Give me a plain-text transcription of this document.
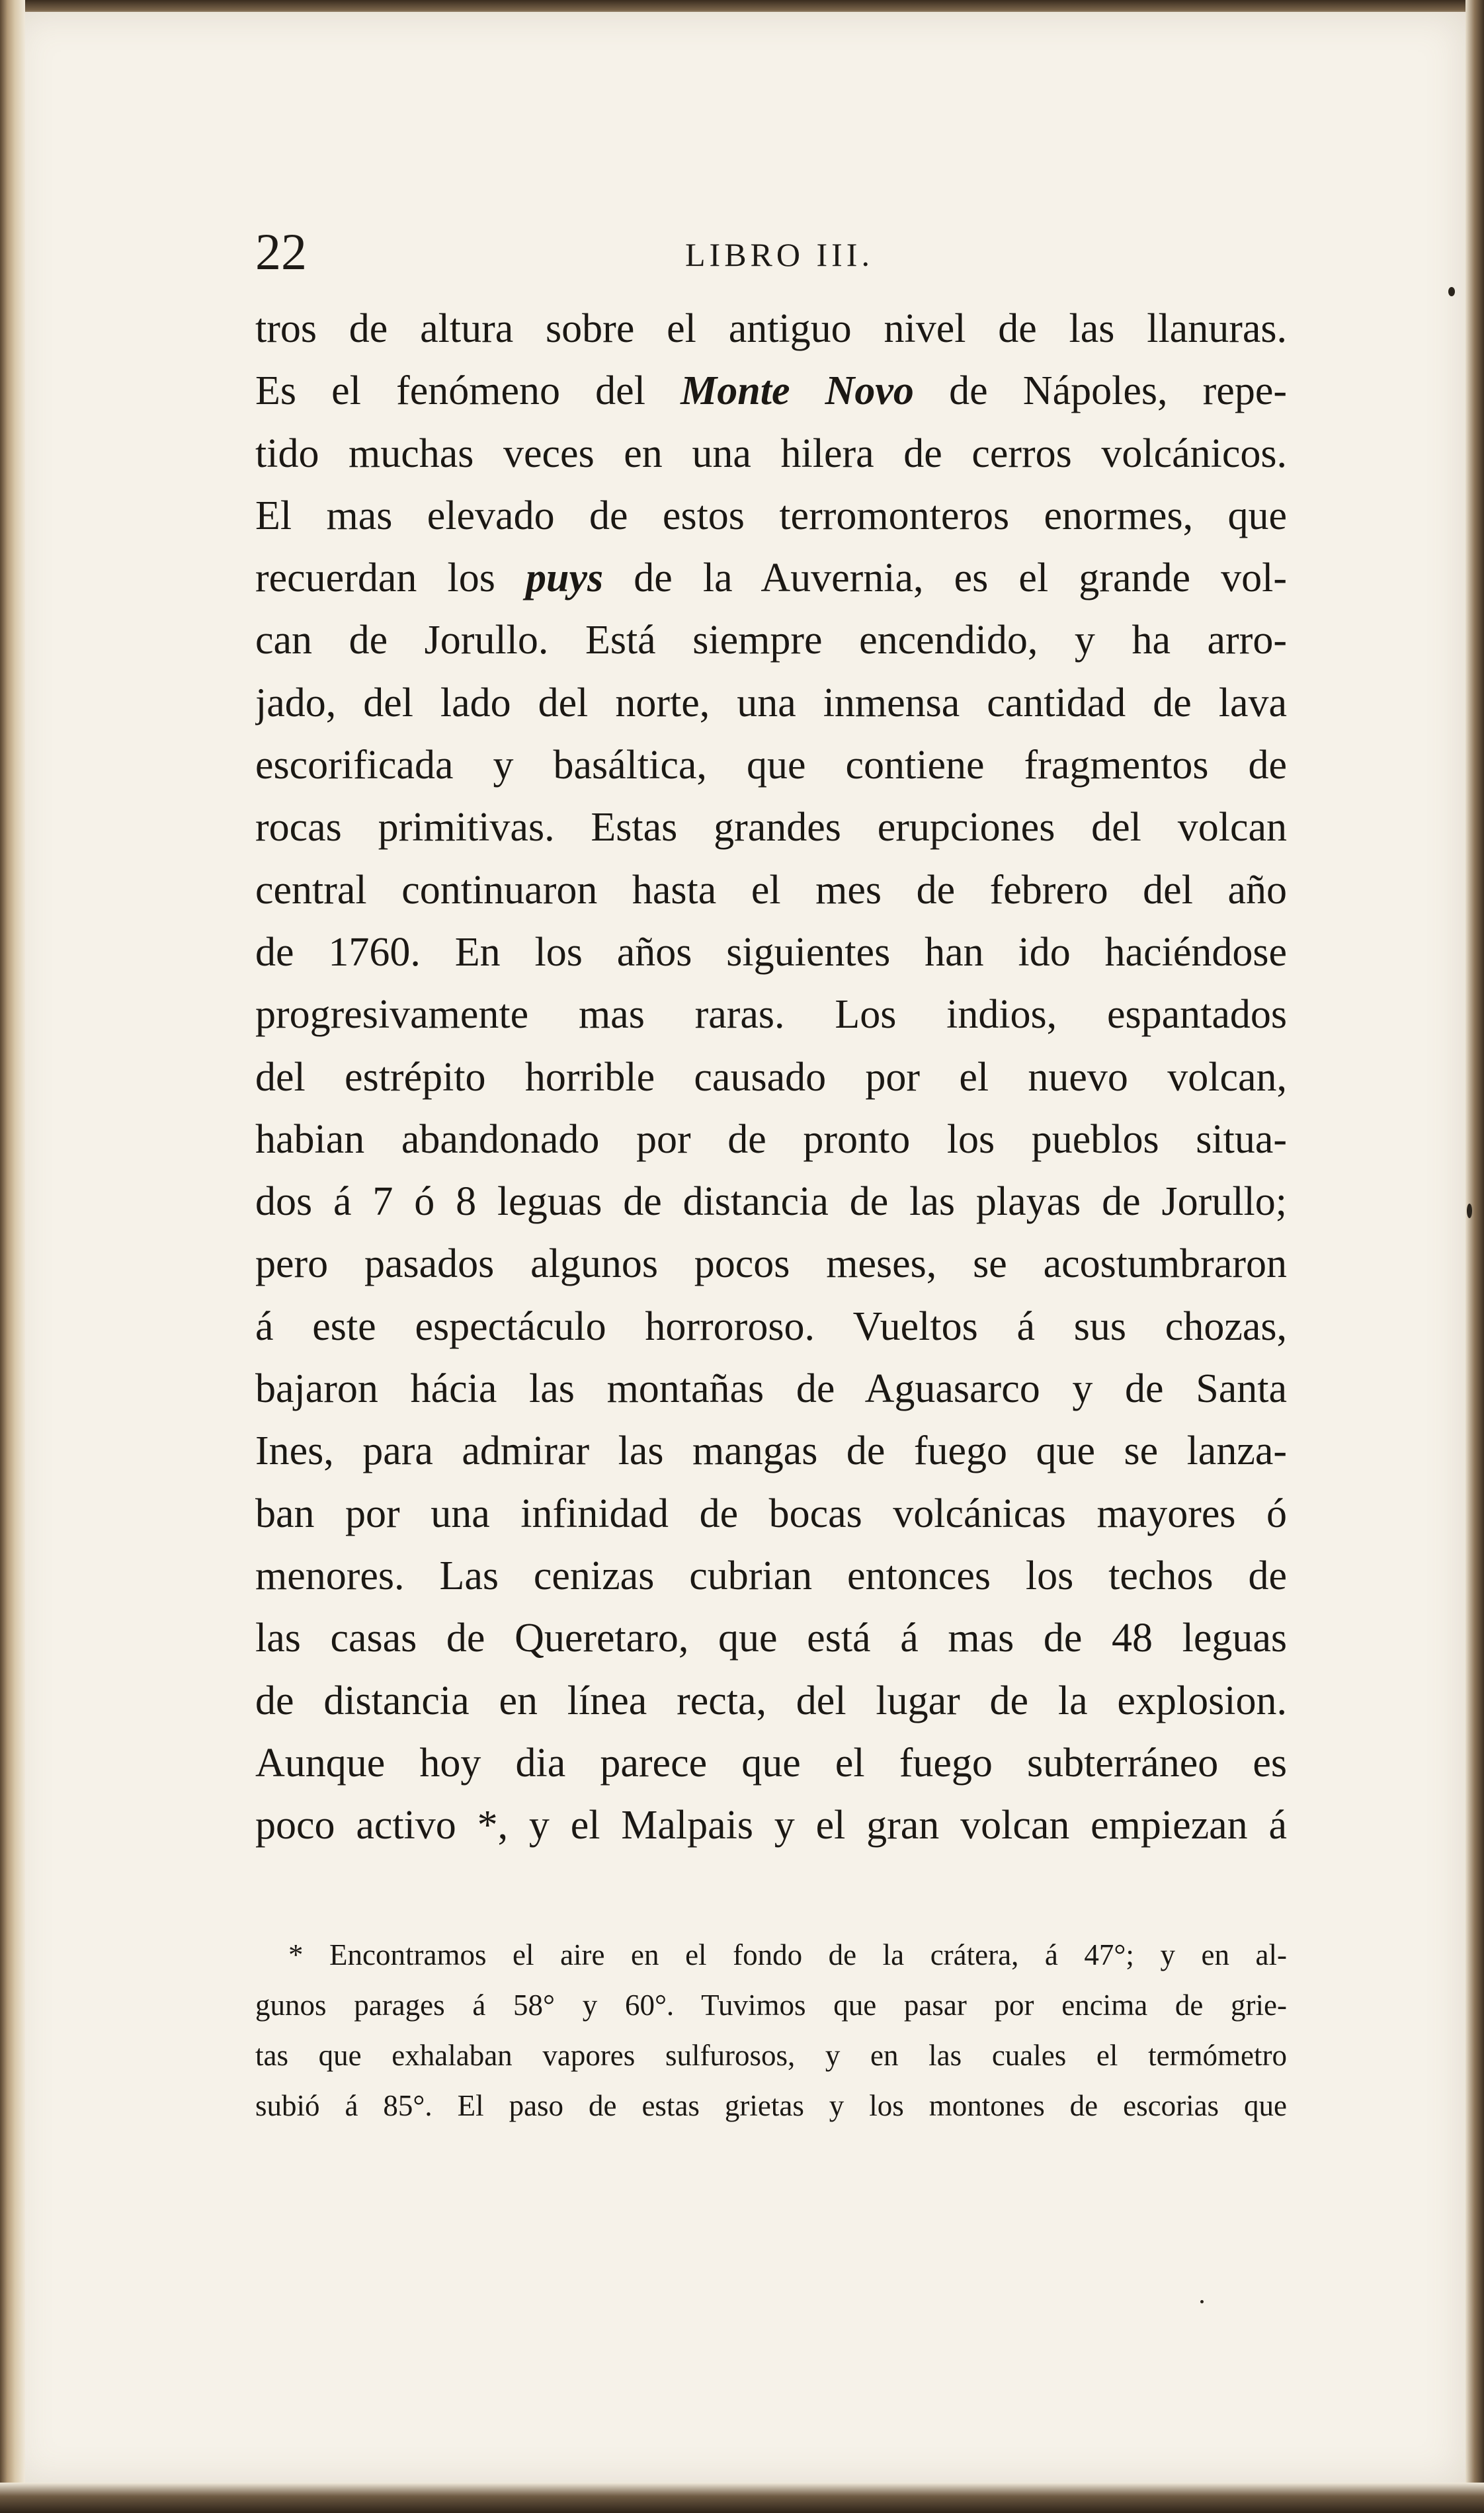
22	LIBRO III.
tros de altura sobre el antiguo nivel de las llanuras.
Es el fenómeno del Monte Novo de Nápoles, repe-
tido muchas veces en una hilera de cerros volcánicos.
El mas elevado de estos terromonteros enormes, que
recuerdan los puys de la Auvernia, es el grande vol-
can de Jorullo. Está siempre encendido, y ha arro-
jado, del lado del norte, una inmensa cantidad de lava
escorificada y basáltica, que contiene fragmentos de
rocas primitivas. Estas grandes erupciones del volcan
central continuaron hasta el mes de febrero del año
de 1760. En los años siguientes han ido haciéndose
progresivamente mas raras. Los indios, espantados
del estrépito horrible causado por el nuevo volcan,
habian abandonado por de pronto los pueblos situa-
dos á 7 ó 8 leguas de distancia de las playas de Jorullo;
pero pasados algunos pocos meses, se acostumbraron
á este espectáculo horroroso. Vueltos á sus chozas,
bajaron hácia las montañas de Aguasarco y de Santa
Ines, para admirar las mangas de fuego que se lanza-
ban por una infinidad de bocas volcánicas mayores ó
menores. Las cenizas cubrian entonces los techos de
las casas de Queretaro, que está á mas de 48 leguas
de distancia en línea recta, del lugar de la explosion.
Aunque hoy dia parece que el fuego subterráneo es
poco activo *, y el Malpais y el gran volcan empiezan á
* Encontramos el aire en el fondo de la crátera, á 47°; y en al-
gunos parages á 58° y 60°. Tuvimos que pasar por encima de grie-
tas que exhalaban vapores sulfurosos, y en las cuales el termómetro
subió á 85°. El paso de estas grietas y los montones de escorias que
